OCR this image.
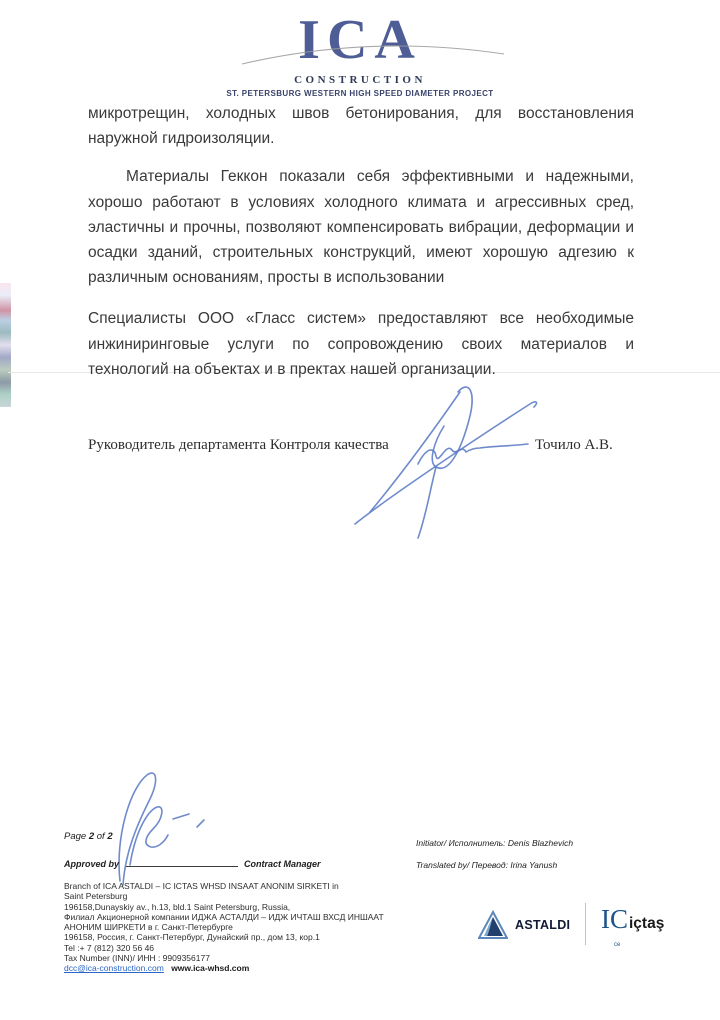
ICA
CONSTRUCTION
ST. PETERSBURG WESTERN HIGH SPEED DIAMETER PROJECT

микротрещин, холодных швов бетонирования, для восстановления наружной гидроизоляции.

Материалы Геккон показали себя эффективными и надежными, хорошо работают в условиях холодного климата и агрессивных сред, эластичны и прочны, позволяют компенсировать вибрации, деформации и осадки зданий, строительных конструкций, имеют хорошую адгезию к различным основаниям, просты в использовании

Специалисты ООО «Гласс систем» предоставляют все необходимые инжиниринговые услуги по сопровождению своих материалов и технологий на объектах и в пректах нашей организации.

Руководитель департамента Контроля качества	Точило А.В.
Page 2 of 2
Approved by	Contract Manager
Branch of ICA ASTALDI – IC ICTAS WHSD INSAAT ANONIM SIRKETI in
Saint Petersburg
196158,Dunayskiy av., h.13, bld.1 Saint Petersburg, Russia,
Филиал Акционерной компании ИДЖА АСТАЛДИ – ИДЖ ИЧТАШ ВХСД ИНШААТ
АНОНИМ ШИРКЕТИ в г. Санкт-Петербурге
196158, Россия, г. Санкт-Петербург, Дунайский пр., дом 13, кор.1
Tel :+ 7 (812) 320 56 46
Tax Number (INN)/ ИНН : 9909356177
dcc@ica-construction.com www.ica-whsd.com
Initiator/ Исполнитель: Denis Blazhevich
Translated by/ Перевод: Irina Yanush
ASTALDI IC
ce
içtaş
